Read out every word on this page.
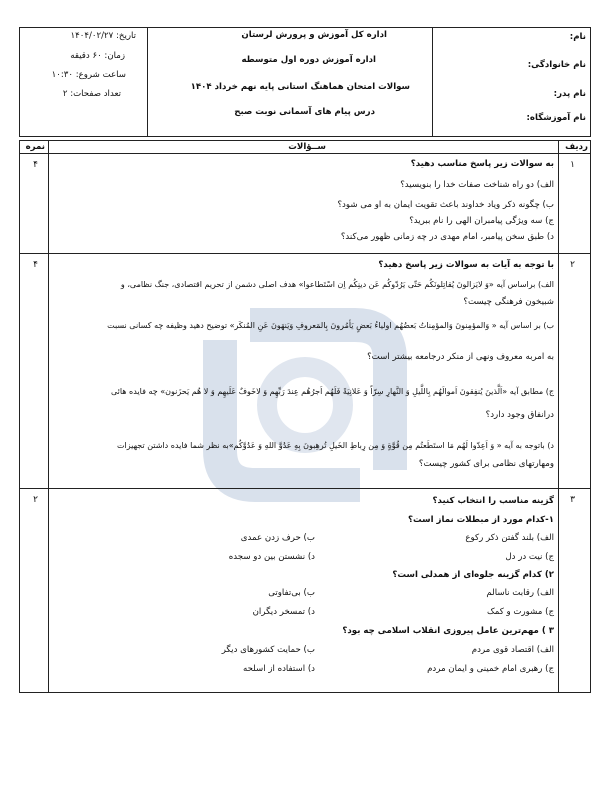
تاریخ: ۱۴۰۴/۰۲/۲۷
زمان: ۶۰ دقیقه
ساعت شروع: ۱۰:۳۰
تعداد صفحات: ۲
اداره کل آموزش و پرورش لرستان
اداره آموزش دوره اول متوسطه
سوالات امتحان هماهنگ استانی پایه نهم خرداد ۱۴۰۴
درس پیام های آسمانی نوبت صبح
نام:
نام خانوادگی:
نام پدر:
نام آموزشگاه:
ردیف
ســؤالات
نمره
۱
۴	به سوالات زیر پاسخ مناسب دهید؟
الف) دو راه شناخت صفات خدا را بنویسید؟
ب) چگونه ذکر ویاد خداوند باعث تقویت ایمان به او می شود؟
ج) سه ویژگی پیامبران الهی را نام ببرید؟
د) طبق سخن پیامبر، امام مهدی در چه زمانی ظهور می‌کند؟
۲
۴	با توجه به آیات به سوالات زیر پاسخ دهید؟
الف) براساس آیه «وَ لایَزالونَ یُقاتِلونَکُم حَتّی یَرُدّوکُم عَن دینِکُم اِن اسْتَطاعوا» هدف اصلی دشمن از تحریم اقتصادی، جنگ نظامی، و
شبیخون فرهنگی چیست؟
ب) بر اساس آیه « وَالمؤمِنونَ وَالمؤمِناتُ بَعضُهُم اولیاءُ بَعضٍ یَأمُرونَ بِالمَعروفِ وَیَنهَونَ عَنِ المُنکَر» توضیح دهید وظیفه چه کسانی نسبت
به امربه معروف ونهی از منکر درجامعه بیشتر است؟
ج) مطابق آیه «اَلَّذینَ یُنفِقونَ اَموالَهُم بِاللَّیلِ وَ النَّهارِ سِرّاً وَ عَلانِیَةً فَلَهُم اَجرُهُم عِندَ رَبِّهِم وَ لاخَوفٌ عَلَیهِم وَ لا هُم یَحزَنون» چه فایده هائی
درانفاق وجود دارد؟
د) باتوجه به آیه « وَ اَعِدّوا لَهُم مَا استَطَعتُم مِن قُوَّةٍ وَ مِن رِباطِ الخَیلِ تُرهِبونَ بِهِ عَدُوَّ اللهِ وَ عَدُوَّکُم»به نظر شما فایده داشتن تجهیزات
ومهارتهای نظامی برای کشور چیست؟
۳
۲	گزینه مناسب را انتخاب کنید؟
۱-کدام مورد از مبطلات نماز است؟
الف) بلند گفتن ذکر رکوع
ب) حرف زدن عمدی
ج) نیت در دل
د) نشستن بین دو سجده
۲) کدام گزینه جلوه‌ای از همدلی است؟
الف) رقابت ناسالم
ب) بی‌تفاوتی
ج) مشورت و کمک
د) تمسخر دیگران
۳ ) مهم‌ترین عامل پیروزی انقلاب اسلامی چه بود؟
الف) اقتصاد قوی مردم
ب) حمایت کشورهای دیگر
ج) رهبری امام خمینی و ایمان مردم
د) استفاده از اسلحه
